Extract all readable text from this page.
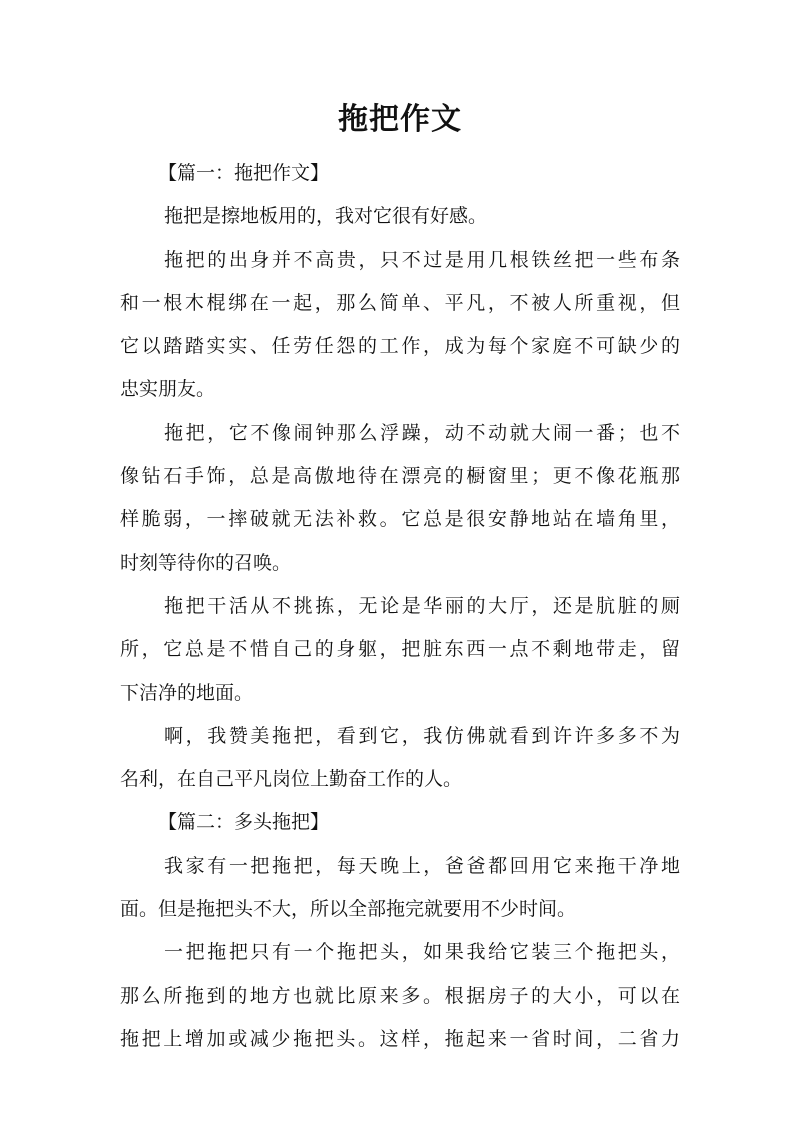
拖把作文
【篇一：拖把作文】
拖把是擦地板用的，我对它很有好感。
拖把的出身并不高贵，只不过是用几根铁丝把一些布条
和一根木棍绑在一起，那么简单、平凡，不被人所重视，但
它以踏踏实实、任劳任怨的工作，成为每个家庭不可缺少的
忠实朋友。
拖把，它不像闹钟那么浮躁，动不动就大闹一番；也不
像钻石手饰，总是高傲地待在漂亮的橱窗里；更不像花瓶那
样脆弱，一摔破就无法补救。它总是很安静地站在墙角里，
时刻等待你的召唤。
拖把干活从不挑拣，无论是华丽的大厅，还是肮脏的厕
所，它总是不惜自己的身躯，把脏东西一点不剩地带走，留
下洁净的地面。
啊，我赞美拖把，看到它，我仿佛就看到许许多多不为
名利，在自己平凡岗位上勤奋工作的人。
【篇二：多头拖把】
我家有一把拖把，每天晚上，爸爸都回用它来拖干净地
面。但是拖把头不大，所以全部拖完就要用不少时间。
一把拖把只有一个拖把头，如果我给它装三个拖把头，
那么所拖到的地方也就比原来多。根据房子的大小，可以在
拖把上增加或减少拖把头。这样，拖起来一省时间，二省力
